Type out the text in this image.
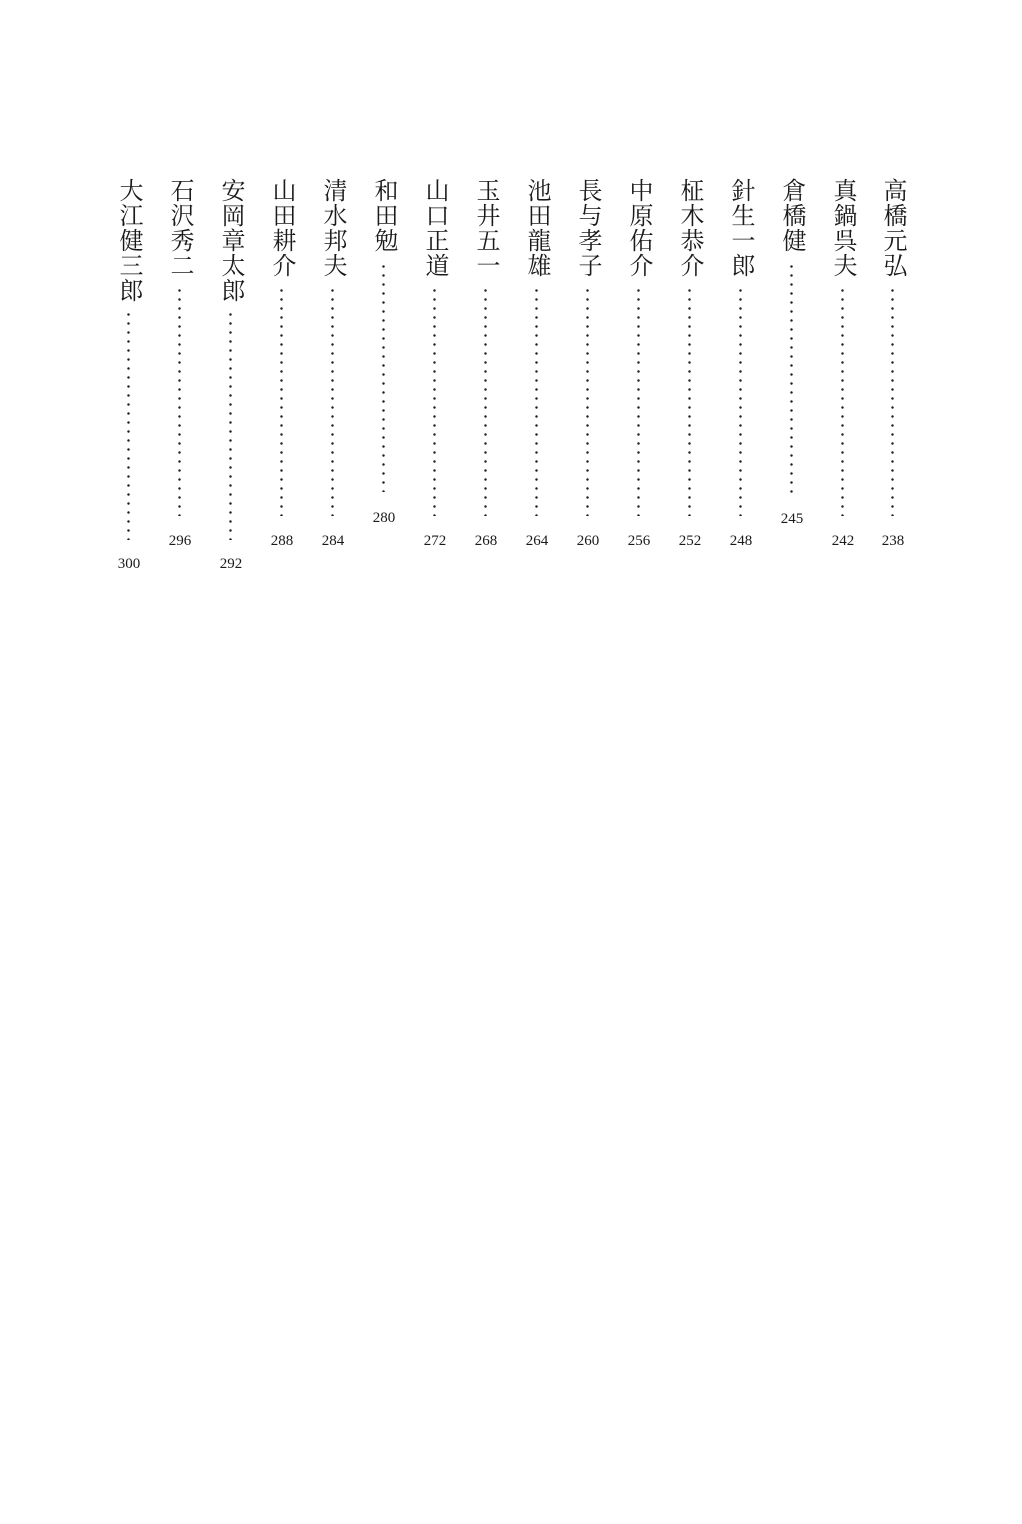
高橋元弘
238
真鍋呉夫
242
倉橋健
245
針生一郎
248
柾木恭介
252
中原佑介
256
長与孝子
260
池田龍雄
264
玉井五一
268
山口正道
272
和田勉
280
清水邦夫
284
山田耕介
288
安岡章太郎
292
石沢秀二
296
大江健三郎
300
